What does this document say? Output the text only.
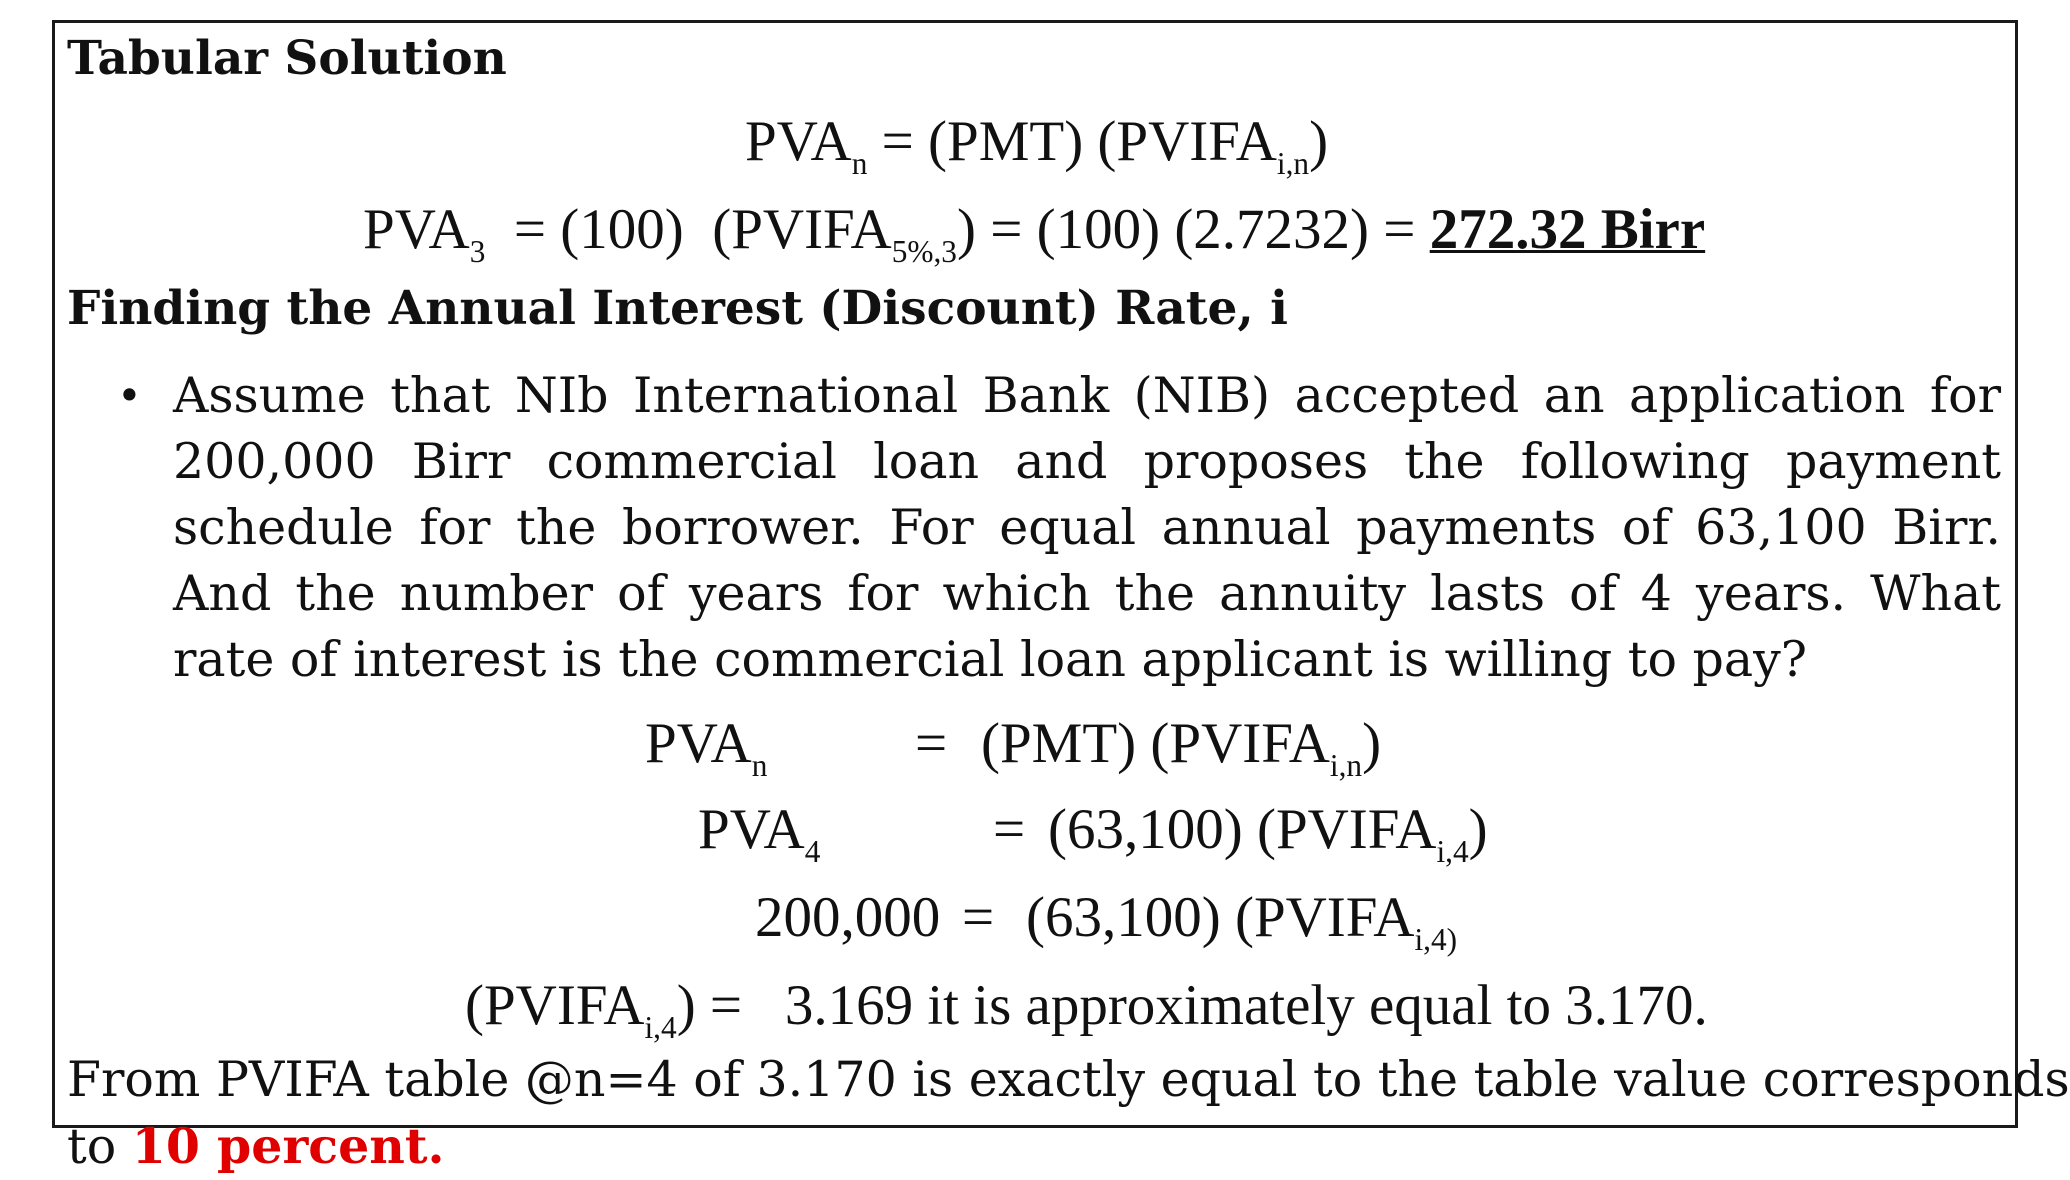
Tabular Solution
$PVA_n = (PMT)$ $(PVIFA_{i,n})$
$PVA_3 = (100)$  $(PVIFA_{5\%,3}) = (100) (2.7232) = 272.32$ Birr
Finding the Annual Interest (Discount) Rate, i
• Assume that NIb International Bank (NIB) accepted an application for 200,000 Birr commercial loan and proposes the following payment schedule for the borrower. For equal annual payments of 63,100 Birr. And the number of years for which the annuity lasts of 4 years. What rate of interest is the commercial loan applicant is willing to pay?
$PVA_n$	= (PMT) $(PVIFA_{i,n})$
$PVA_4$	= (63,100) $(PVIFA_{i,4})$
200,000 = (63,100) ($PVIFA_{i,4)}$
$(PVIFA_{i,4}) = 3.169$ it is approximately equal to 3.170.
From PVIFA table @n=4 of 3.170 is exactly equal to the table value corresponds
to 10 percent.
